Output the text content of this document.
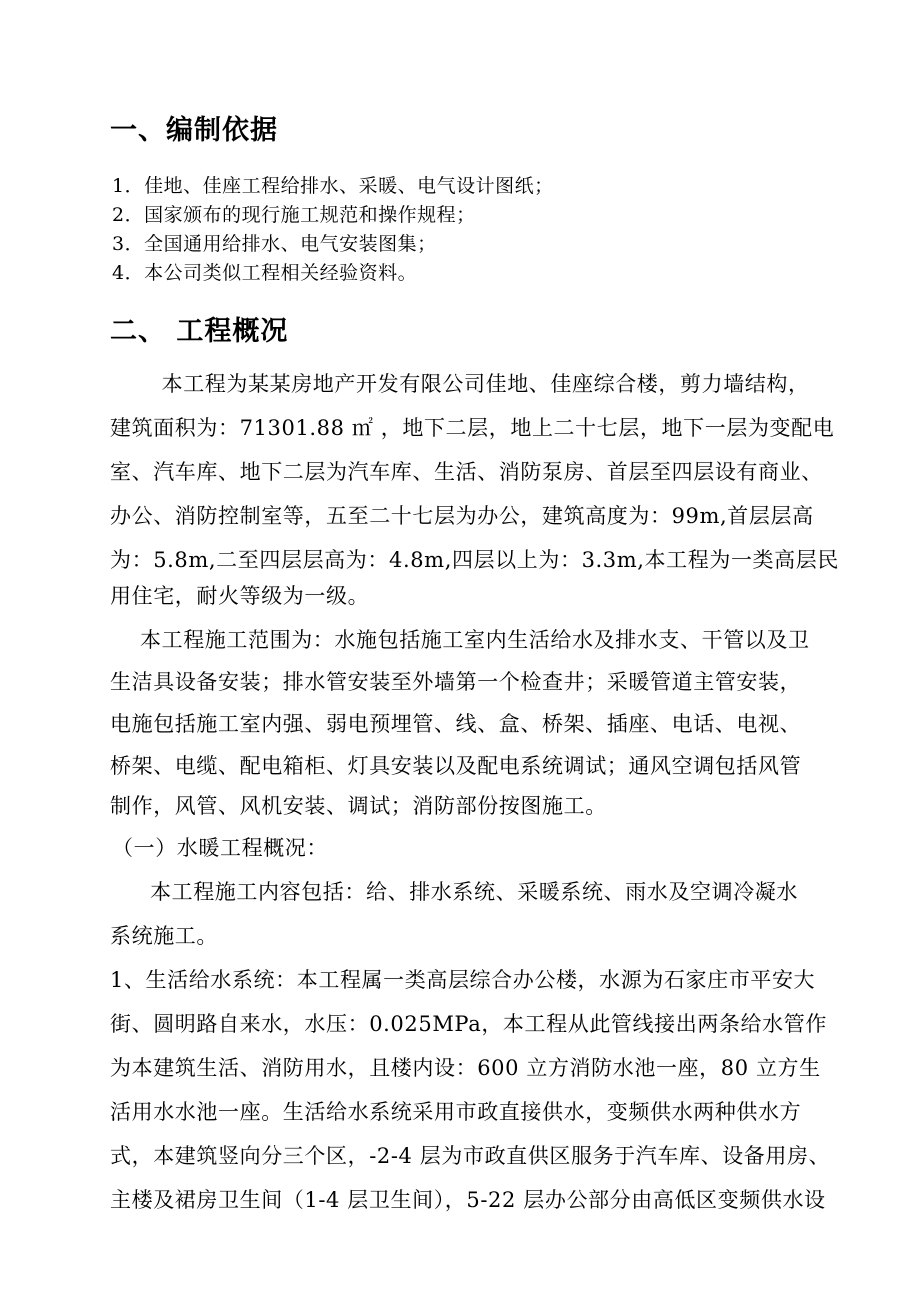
一、编制依据
1．佳地、佳座工程给排水、采暖、电气设计图纸；
2．国家颁布的现行施工规范和操作规程；
3．全国通用给排水、电气安装图集；
4．本公司类似工程相关经验资料。
二、 工程概况
　本工程为某某房地产开发有限公司佳地、佳座综合楼，剪力墙结构，
建筑面积为：71301.88 ㎡ ，地下二层，地上二十七层，地下一层为变配电
室、汽车库、地下二层为汽车库、生活、消防泵房、首层至四层设有商业、
办公、消防控制室等，五至二十七层为办公，建筑高度为：99m,首层层高
为：5.8m,二至四层层高为：4.8m,四层以上为：3.3m,本工程为一类高层民
用住宅，耐火等级为一级。
本工程施工范围为：水施包括施工室内生活给水及排水支、干管以及卫
生洁具设备安装；排水管安装至外墙第一个检查井；采暖管道主管安装，
电施包括施工室内强、弱电预埋管、线、盒、桥架、插座、电话、电视、
桥架、电缆、配电箱柜、灯具安装以及配电系统调试；通风空调包括风管
制作，风管、风机安装、调试；消防部份按图施工。
（一）水暖工程概况：
本工程施工内容包括：给、排水系统、采暖系统、雨水及空调冷凝水
系统施工。
1、生活给水系统：本工程属一类高层综合办公楼，水源为石家庄市平安大
街、圆明路自来水，水压：0.025MPa，本工程从此管线接出两条给水管作
为本建筑生活、消防用水，且楼内设：600 立方消防水池一座，80 立方生
活用水水池一座。生活给水系统采用市政直接供水，变频供水两种供水方
式，本建筑竖向分三个区，-2-4 层为市政直供区服务于汽车库、设备用房、
主楼及裙房卫生间（1-4 层卫生间），5-22 层办公部分由高低区变频供水设
